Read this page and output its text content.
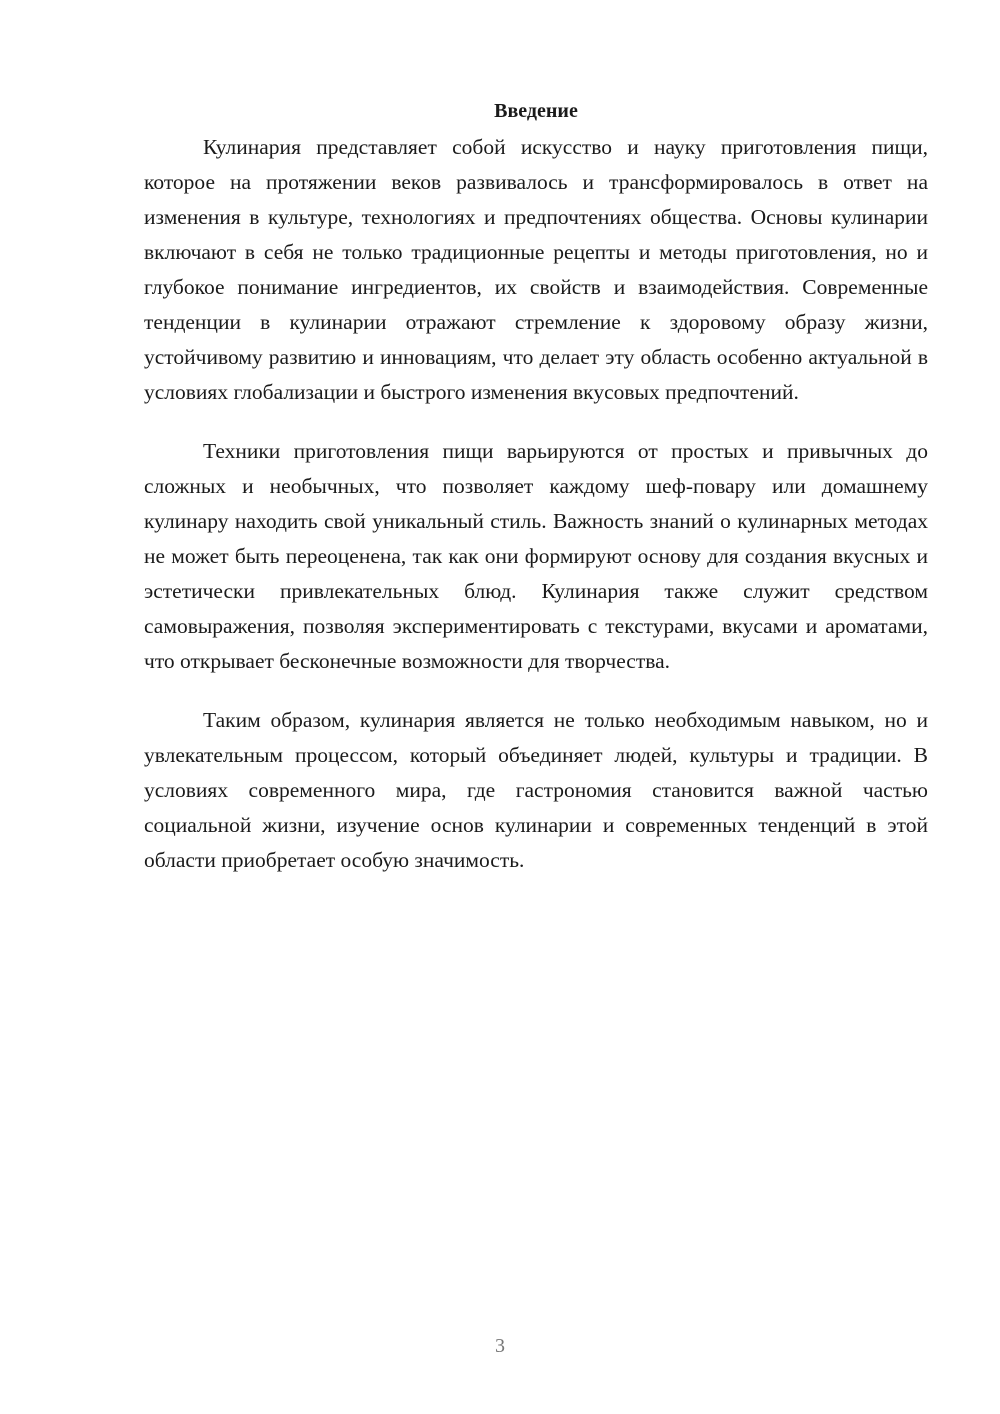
Введение

Кулинария представляет собой искусство и науку приготовления пищи, которое на протяжении веков развивалось и трансформировалось в ответ на изменения в культуре, технологиях и предпочтениях общества. Основы кулинарии включают в себя не только традиционные рецепты и методы приготовления, но и глубокое понимание ингредиентов, их свойств и взаимодействия. Современные тенденции в кулинарии отражают стремление к здоровому образу жизни, устойчивому развитию и инновациям, что делает эту область особенно актуальной в условиях глобализации и быстрого изменения вкусовых предпочтений.

Техники приготовления пищи варьируются от простых и привычных до сложных и необычных, что позволяет каждому шеф-повару или домашнему кулинару находить свой уникальный стиль. Важность знаний о кулинарных методах не может быть переоценена, так как они формируют основу для создания вкусных и эстетически привлекательных блюд. Кулинария также служит средством самовыражения, позволяя экспериментировать с текстурами, вкусами и ароматами, что открывает бесконечные возможности для творчества.

Таким образом, кулинария является не только необходимым навыком, но и увлекательным процессом, который объединяет людей, культуры и традиции. В условиях современного мира, где гастрономия становится важной частью социальной жизни, изучение основ кулинарии и современных тенденций в этой области приобретает особую значимость.

3
